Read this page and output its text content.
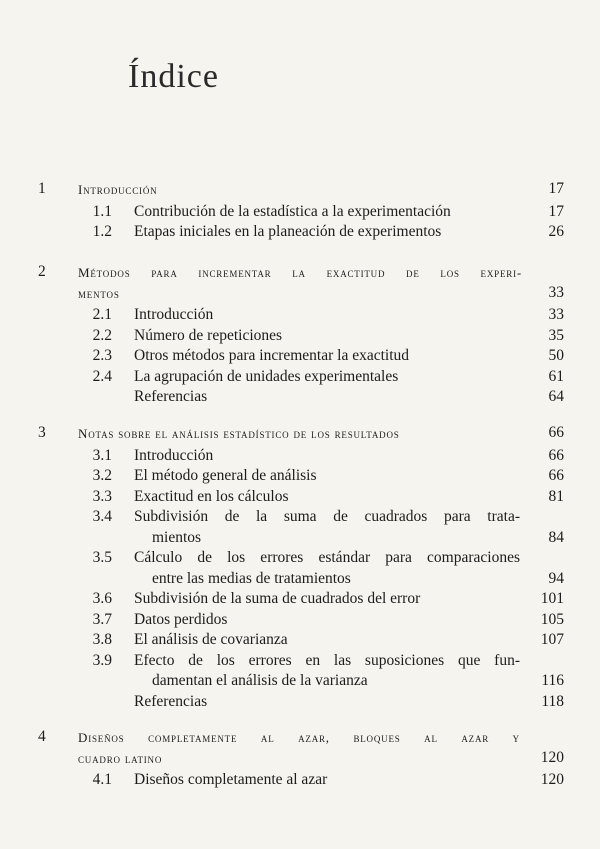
Índice
1 Introducción	17
1.1 Contribución de la estadística a la experimentación	17
1.2 Etapas iniciales en la planeación de experimentos	26
2 Métodos para incrementar la exactitud de los experi-
mentos	33
2.1 Introducción	33
2.2 Número de repeticiones	35
2.3 Otros métodos para incrementar la exactitud	50
2.4 La agrupación de unidades experimentales	61
Referencias	64
3 Notas sobre el análisis estadístico de los resultados	66
3.1 Introducción	66
3.2 El método general de análisis	66
3.3 Exactitud en los cálculos	81
3.4 Subdivisión de la suma de cuadrados para trata-
mientos	84
3.5 Cálculo de los errores estándar para comparaciones
entre las medias de tratamientos	94
3.6 Subdivisión de la suma de cuadrados del error	101
3.7 Datos perdidos	105
3.8 El análisis de covarianza	107
3.9 Efecto de los errores en las suposiciones que fun-
damentan el análisis de la varianza	116
Referencias	118
4 Diseños completamente al azar, bloques al azar y
cuadro latino	120
4.1 Diseños completamente al azar	120
